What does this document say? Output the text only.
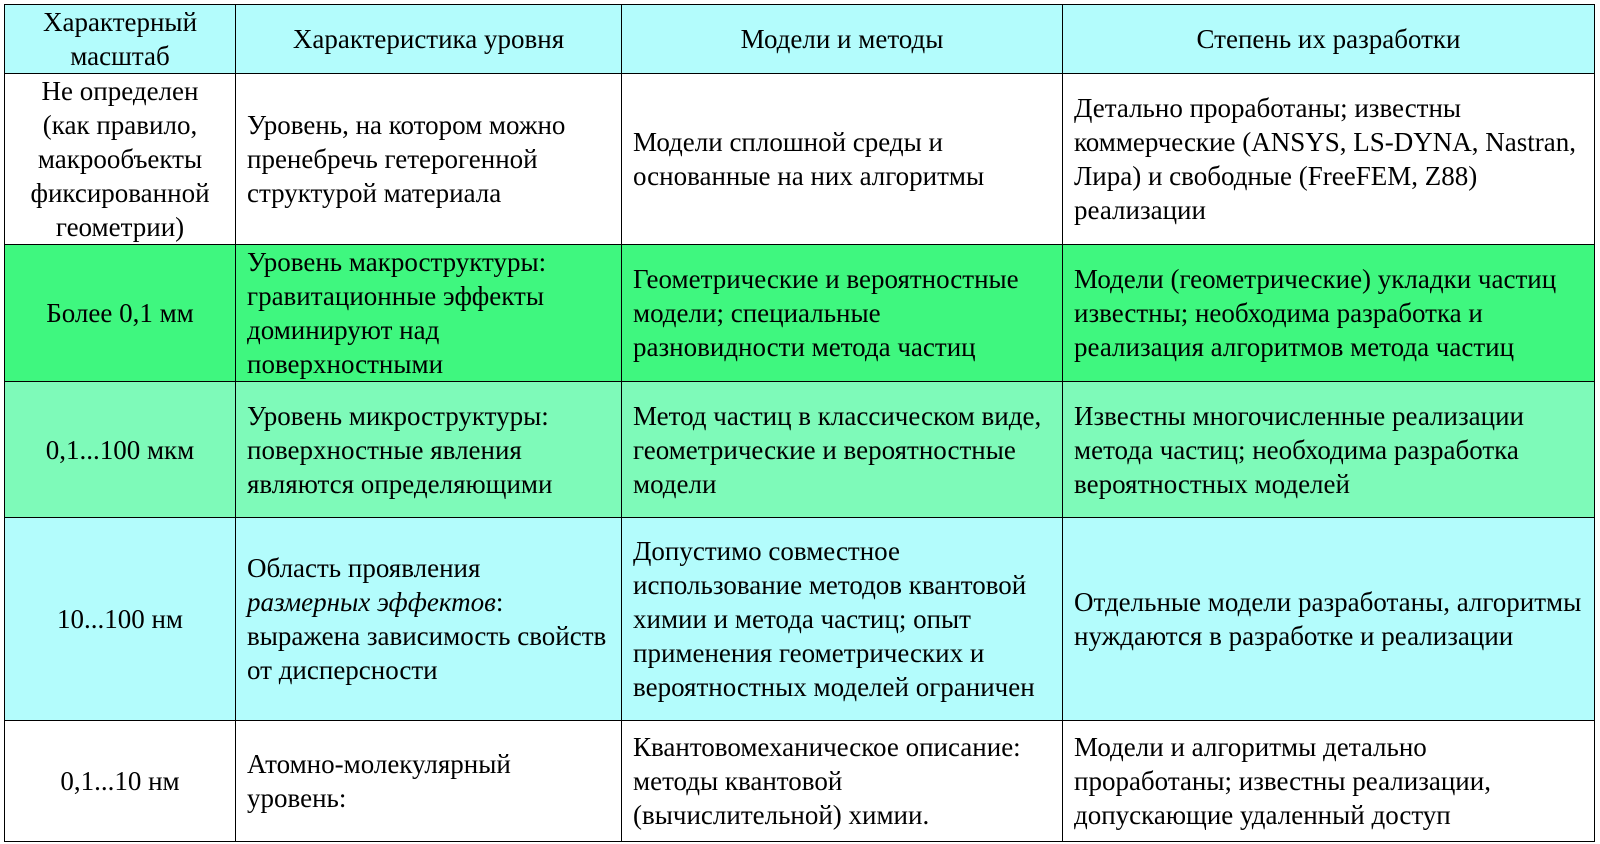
Характерный масштаб	Характеристика уровня	Модели и методы	Степень их разработки
Не определен (как правило, макрообъекты фиксированной геометрии)	Уровень, на котором можно пренебречь гетерогенной структурой материала	Модели сплошной среды и основанные на них алгоритмы	Детально проработаны; известны коммерческие (ANSYS, LS-DYNA, Nastran, Лира) и свободные (FreeFEM, Z88) реализации
Более 0,1 мм	Уровень макроструктуры: гравитационные эффекты доминируют над поверхностными	Геометрические и вероятностные модели; специальные разновидности метода частиц	Модели (геометрические) укладки частиц известны; необходима разработка и реализация алгоритмов метода частиц
0,1...100 мкм	Уровень микроструктуры: поверхностные явления являются определяющими	Метод частиц в классическом виде, геометрические и вероятностные модели	Известны многочисленные реализации метода частиц; необходима разработка вероятностных моделей
10...100 нм	Область проявления размерных эффектов: выражена зависимость свойств от дисперсности	Допустимо совместное использование методов квантовой химии и метода частиц; опыт применения геометрических и вероятностных моделей ограничен	Отдельные модели разработаны, алгоритмы нуждаются в разработке и реализации
0,1...10 нм	Атомно-молекулярный уровень:	Квантовомеханическое описание: методы квантовой (вычислительной) химии.	Модели и алгоритмы детально проработаны; известны реализации, допускающие удаленный доступ
